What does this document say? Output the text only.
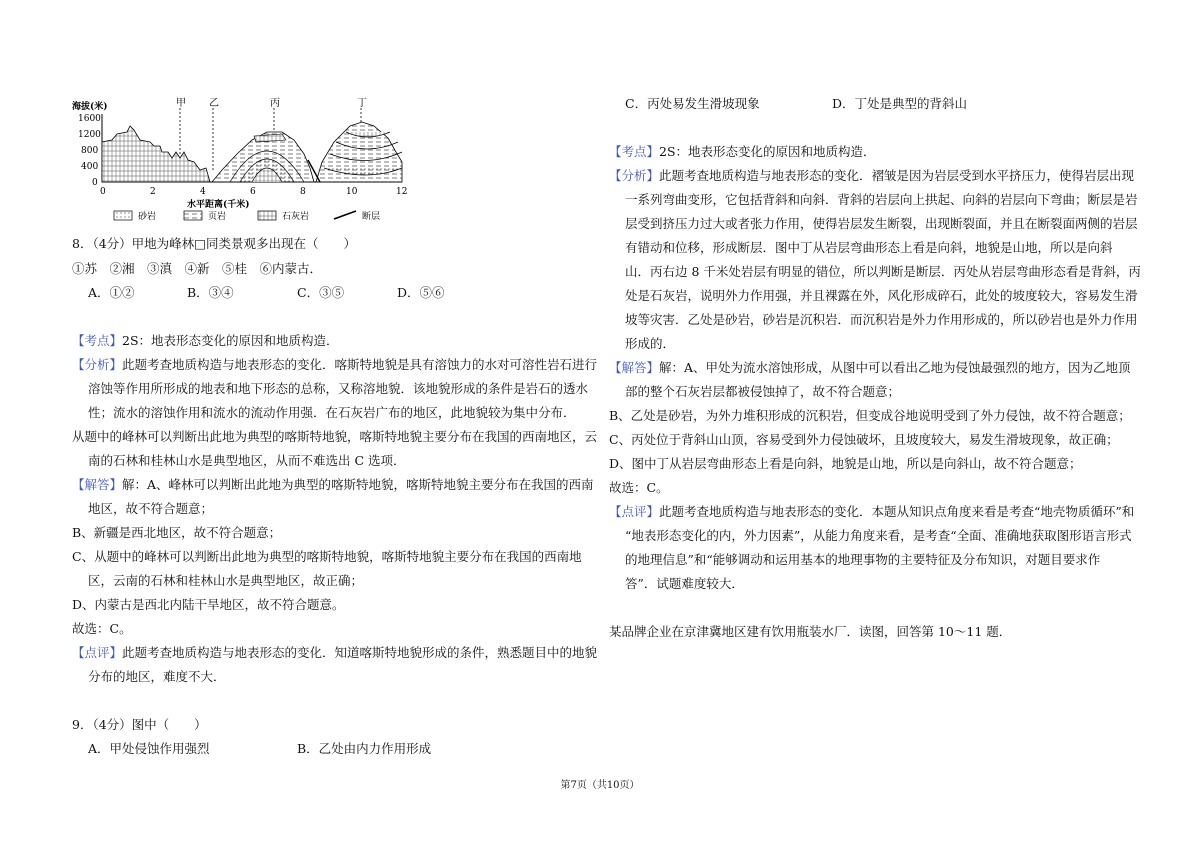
海拔(米)
水平距离(千米)
1600
1200
800
400
0
0	2	4	6	8	10	12
甲 乙	丙	丁
砂岩	页岩	石灰岩	断层
8．（4分）甲地为峰林□同类景观多出现在（　　）
①苏　②湘　③滇　④新　⑤桂　⑥内蒙古．
A．①②	B．③④	C．③⑤	D．⑤⑥
【考点】2S：地表形态变化的原因和地质构造．
【分析】此题考查地质构造与地表形态的变化．喀斯特地貌是具有溶蚀力的水对可溶性岩石进行
溶蚀等作用所形成的地表和地下形态的总称，又称溶地貌．该地貌形成的条件是岩石的透水
性；流水的溶蚀作用和流水的流动作用强．在石灰岩广布的地区，此地貌较为集中分布．
从题中的峰林可以判断出此地为典型的喀斯特地貌，喀斯特地貌主要分布在我国的西南地区，云
南的石林和桂林山水是典型地区，从而不难选出 C 选项．
【解答】解：A、峰林可以判断出此地为典型的喀斯特地貌，喀斯特地貌主要分布在我国的西南
地区，故不符合题意；
B、新疆是西北地区，故不符合题意；
C、从题中的峰林可以判断出此地为典型的喀斯特地貌，喀斯特地貌主要分布在我国的西南地
区，云南的石林和桂林山水是典型地区，故正确；
D、内蒙古是西北内陆干旱地区，故不符合题意。
故选：C。
【点评】此题考查地质构造与地表形态的变化．知道喀斯特地貌形成的条件，熟悉题目中的地貌
分布的地区，难度不大．
9．（4分）图中（　　）
A．甲处侵蚀作用强烈	B．乙处由内力作用形成
C．丙处易发生滑坡现象	D．丁处是典型的背斜山
【考点】2S：地表形态变化的原因和地质构造．
【分析】此题考查地质构造与地表形态的变化．褶皱是因为岩层受到水平挤压力，使得岩层出现
一系列弯曲变形，它包括背斜和向斜．背斜的岩层向上拱起、向斜的岩层向下弯曲；断层是岩
层受到挤压力过大或者张力作用，使得岩层发生断裂，出现断裂面，并且在断裂面两侧的岩层
有错动和位移，形成断层．图中丁从岩层弯曲形态上看是向斜，地貌是山地，所以是向斜
山．丙右边 8 千米处岩层有明显的错位，所以判断是断层．丙处从岩层弯曲形态看是背斜，丙
处是石灰岩，说明外力作用强，并且裸露在外，风化形成碎石，此处的坡度较大，容易发生滑
坡等灾害．乙处是砂岩，砂岩是沉积岩．而沉积岩是外力作用形成的，所以砂岩也是外力作用
形成的．
【解答】解：A、甲处为流水溶蚀形成，从图中可以看出乙地为侵蚀最强烈的地方，因为乙地顶
部的整个石灰岩层都被侵蚀掉了，故不符合题意；
B、乙处是砂岩，为外力堆积形成的沉积岩，但变成谷地说明受到了外力侵蚀，故不符合题意；
C、丙处位于背斜山山顶，容易受到外力侵蚀破坏，且坡度较大，易发生滑坡现象，故正确；
D、图中丁从岩层弯曲形态上看是向斜，地貌是山地，所以是向斜山，故不符合题意；
故选：C。
【点评】此题考查地质构造与地表形态的变化．本题从知识点角度来看是考查“地壳物质循环”和
“地表形态变化的内，外力因素”，从能力角度来看，是考查“全面、准确地获取图形语言形式
的地理信息”和“能够调动和运用基本的地理事物的主要特征及分布知识，对题目要求作
答”．试题难度较大．
某品牌企业在京津冀地区建有饮用瓶装水厂．读图，回答第 10～11 题．
第7页（共10页）
